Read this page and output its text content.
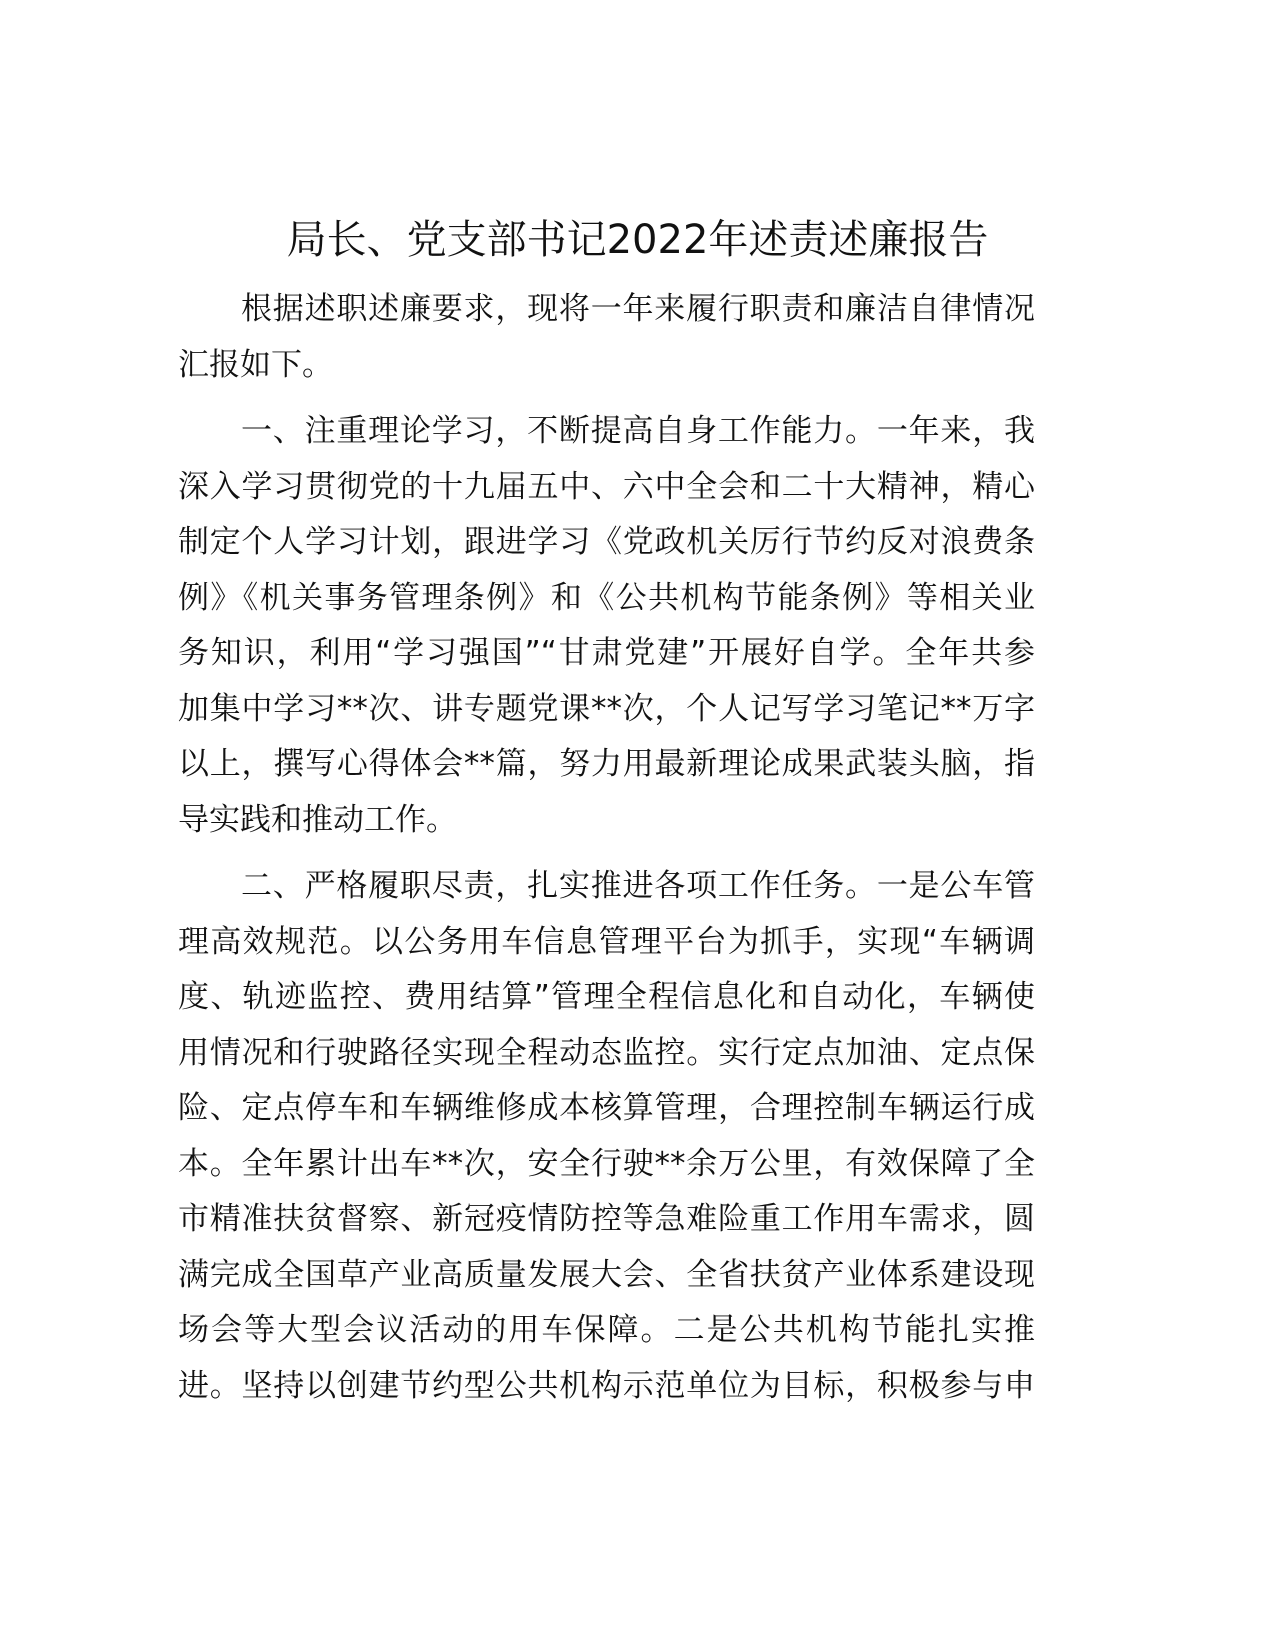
局长、党支部书记2022年述责述廉报告
根据述职述廉要求，现将一年来履行职责和廉洁自律情况
汇报如下。
一、注重理论学习，不断提高自身工作能力。一年来，我
深入学习贯彻党的十九届五中、六中全会和二十大精神，精心
制定个人学习计划，跟进学习《党政机关厉行节约反对浪费条
例》《机关事务管理条例》和《公共机构节能条例》等相关业
务知识，利用“学习强国”“甘肃党建”开展好自学。全年共参
加集中学习**次、讲专题党课**次，个人记写学习笔记**万字
以上，撰写心得体会**篇，努力用最新理论成果武装头脑，指
导实践和推动工作。
二、严格履职尽责，扎实推进各项工作任务。一是公车管
理高效规范。以公务用车信息管理平台为抓手，实现“车辆调
度、轨迹监控、费用结算”管理全程信息化和自动化，车辆使
用情况和行驶路径实现全程动态监控。实行定点加油、定点保
险、定点停车和车辆维修成本核算管理，合理控制车辆运行成
本。全年累计出车**次，安全行驶**余万公里，有效保障了全
市精准扶贫督察、新冠疫情防控等急难险重工作用车需求，圆
满完成全国草产业高质量发展大会、全省扶贫产业体系建设现
场会等大型会议活动的用车保障。二是公共机构节能扎实推
进。坚持以创建节约型公共机构示范单位为目标，积极参与申
